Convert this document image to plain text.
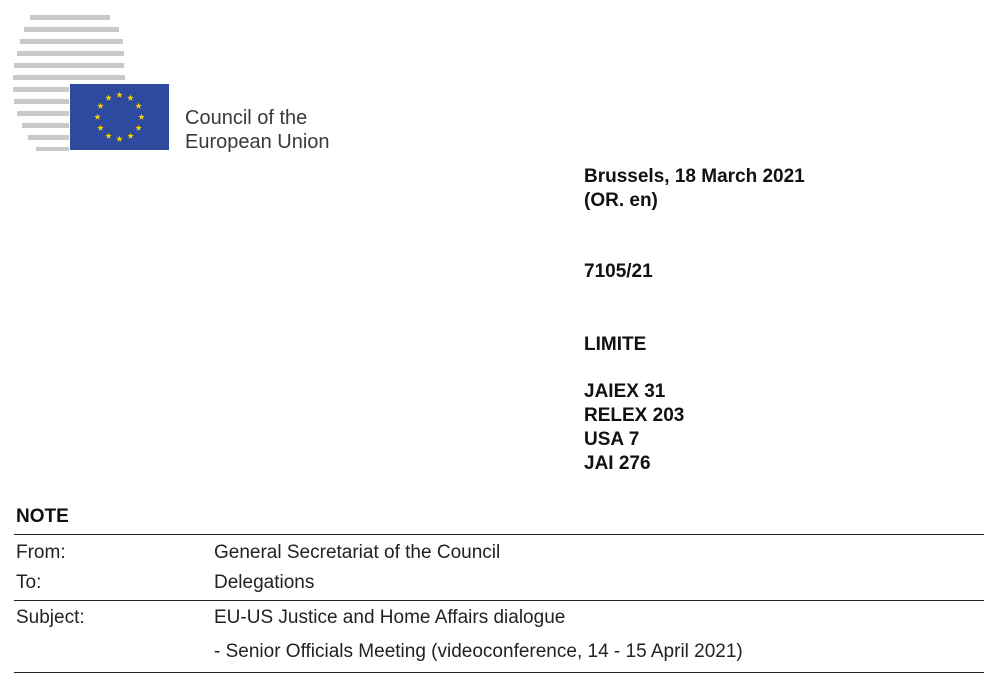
Council of the
European Union
Brussels, 18 March 2021
(OR. en)
7105/21
LIMITE
JAIEX 31
RELEX 203
USA 7
JAI 276
NOTE
From:	General Secretariat of the Council
To:	Delegations
Subject:	EU-US Justice and Home Affairs dialogue
- Senior Officials Meeting (videoconference, 14 - 15 April 2021)
